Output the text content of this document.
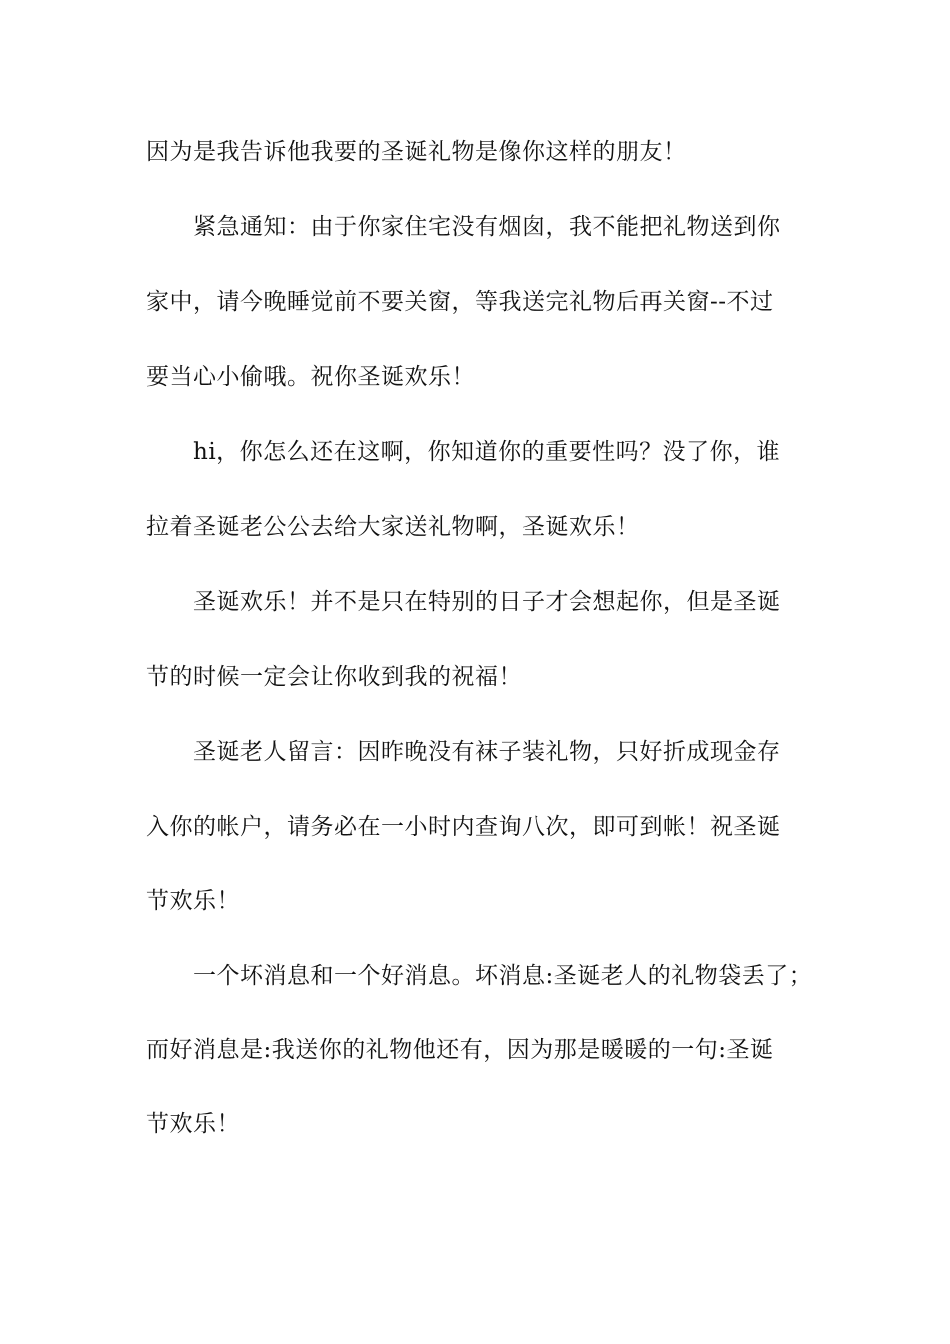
因为是我告诉他我要的圣诞礼物是像你这样的朋友！
紧急通知：由于你家住宅没有烟囱，我不能把礼物送到你
家中，请今晚睡觉前不要关窗，等我送完礼物后再关窗--不过
要当心小偷哦。祝你圣诞欢乐！
hi，你怎么还在这啊，你知道你的重要性吗？没了你，谁
拉着圣诞老公公去给大家送礼物啊，圣诞欢乐！
圣诞欢乐！并不是只在特别的日子才会想起你，但是圣诞
节的时候一定会让你收到我的祝福！
圣诞老人留言：因昨晚没有袜子装礼物，只好折成现金存
入你的帐户，请务必在一小时内查询八次，即可到帐！祝圣诞
节欢乐！
一个坏消息和一个好消息。坏消息:圣诞老人的礼物袋丢了；
而好消息是:我送你的礼物他还有，因为那是暖暖的一句:圣诞
节欢乐！
